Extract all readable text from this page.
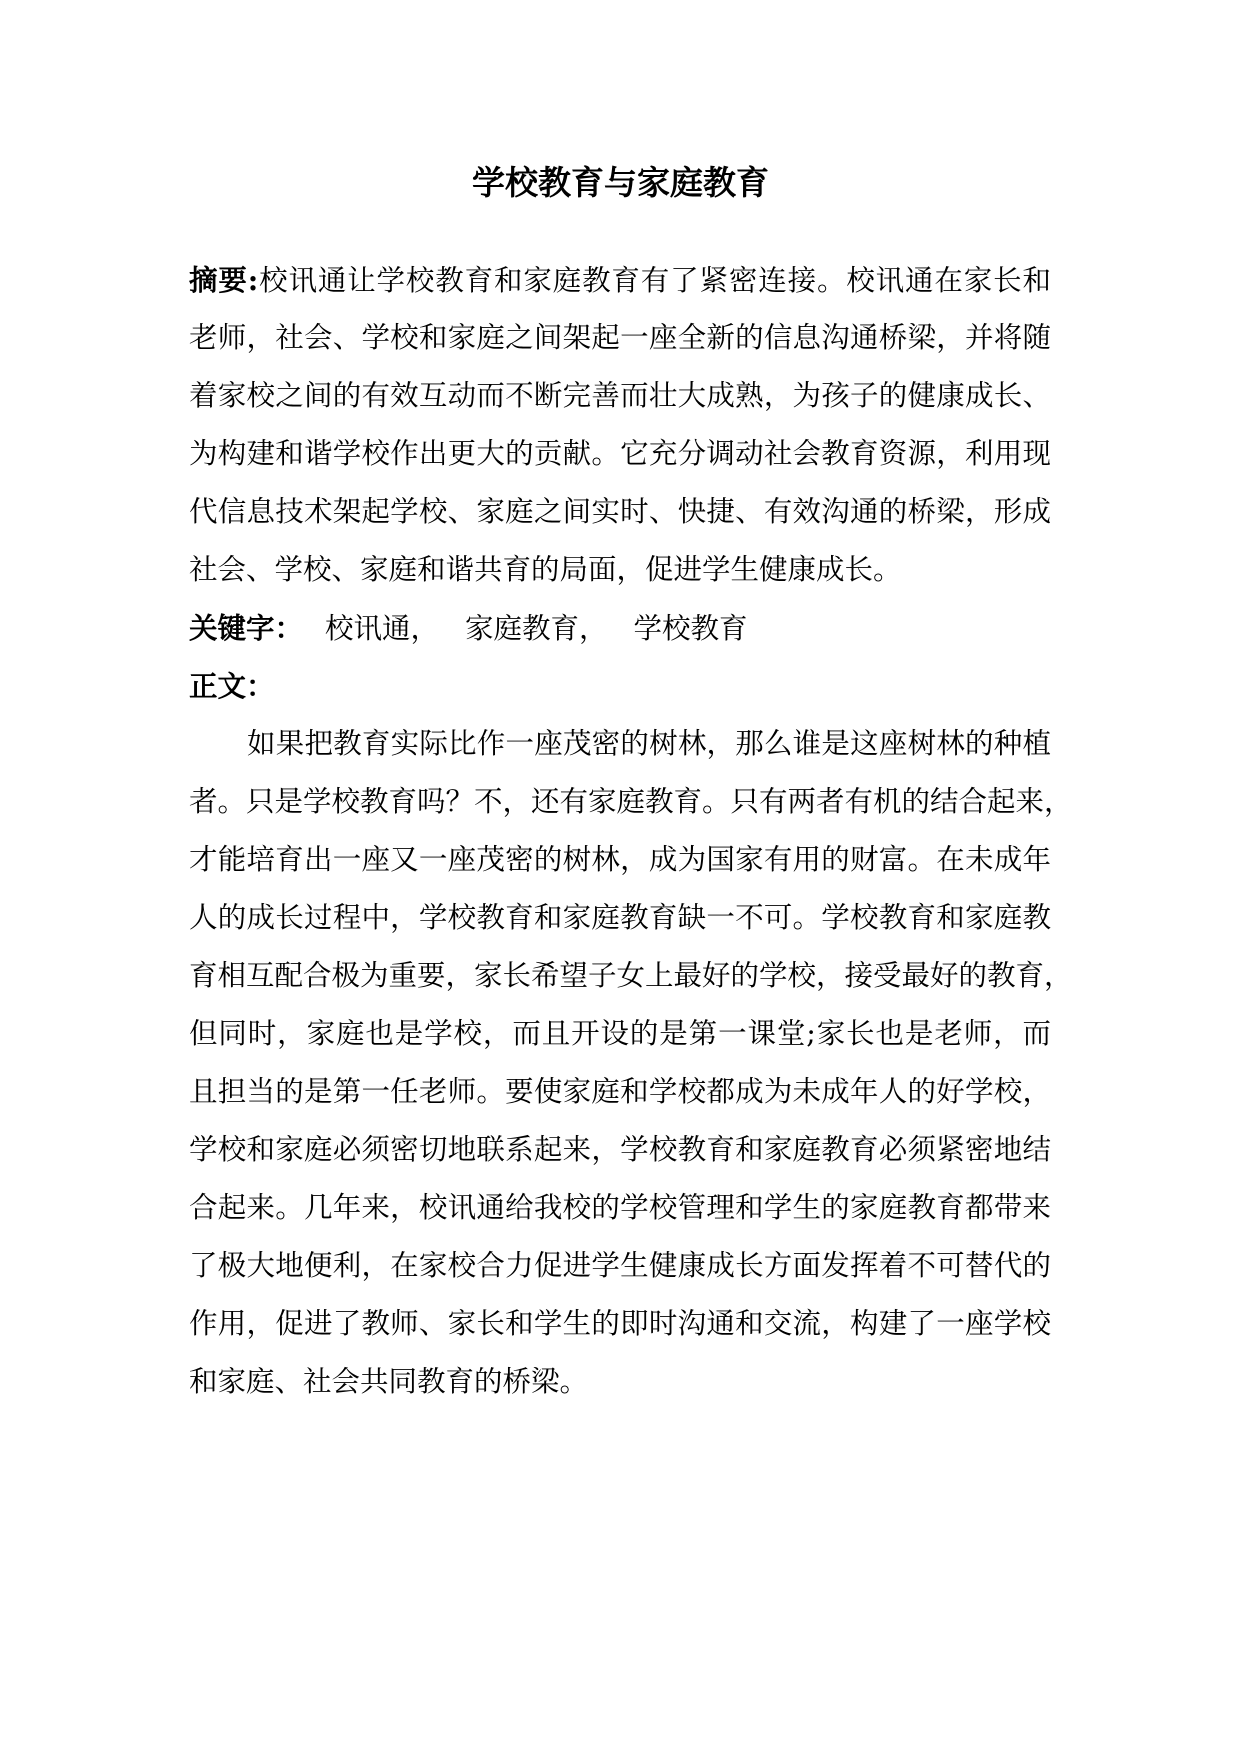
学校教育与家庭教育
摘要:校讯通让学校教育和家庭教育有了紧密连接。校讯通在家长和
老师，社会、学校和家庭之间架起一座全新的信息沟通桥梁，并将随
着家校之间的有效互动而不断完善而壮大成熟，为孩子的健康成长、
为构建和谐学校作出更大的贡献。它充分调动社会教育资源，利用现
代信息技术架起学校、家庭之间实时、快捷、有效沟通的桥梁，形成
社会、学校、家庭和谐共育的局面，促进学生健康成长。
关键字： 校讯通， 家庭教育， 学校教育
正文：
如果把教育实际比作一座茂密的树林，那么谁是这座树林的种植
者。只是学校教育吗？不，还有家庭教育。只有两者有机的结合起来，
才能培育出一座又一座茂密的树林，成为国家有用的财富。在未成年
人的成长过程中，学校教育和家庭教育缺一不可。学校教育和家庭教
育相互配合极为重要，家长希望子女上最好的学校，接受最好的教育，
但同时，家庭也是学校，而且开设的是第一课堂;家长也是老师，而
且担当的是第一任老师。要使家庭和学校都成为未成年人的好学校，
学校和家庭必须密切地联系起来，学校教育和家庭教育必须紧密地结
合起来。几年来，校讯通给我校的学校管理和学生的家庭教育都带来
了极大地便利，在家校合力促进学生健康成长方面发挥着不可替代的
作用，促进了教师、家长和学生的即时沟通和交流，构建了一座学校
和家庭、社会共同教育的桥梁。
